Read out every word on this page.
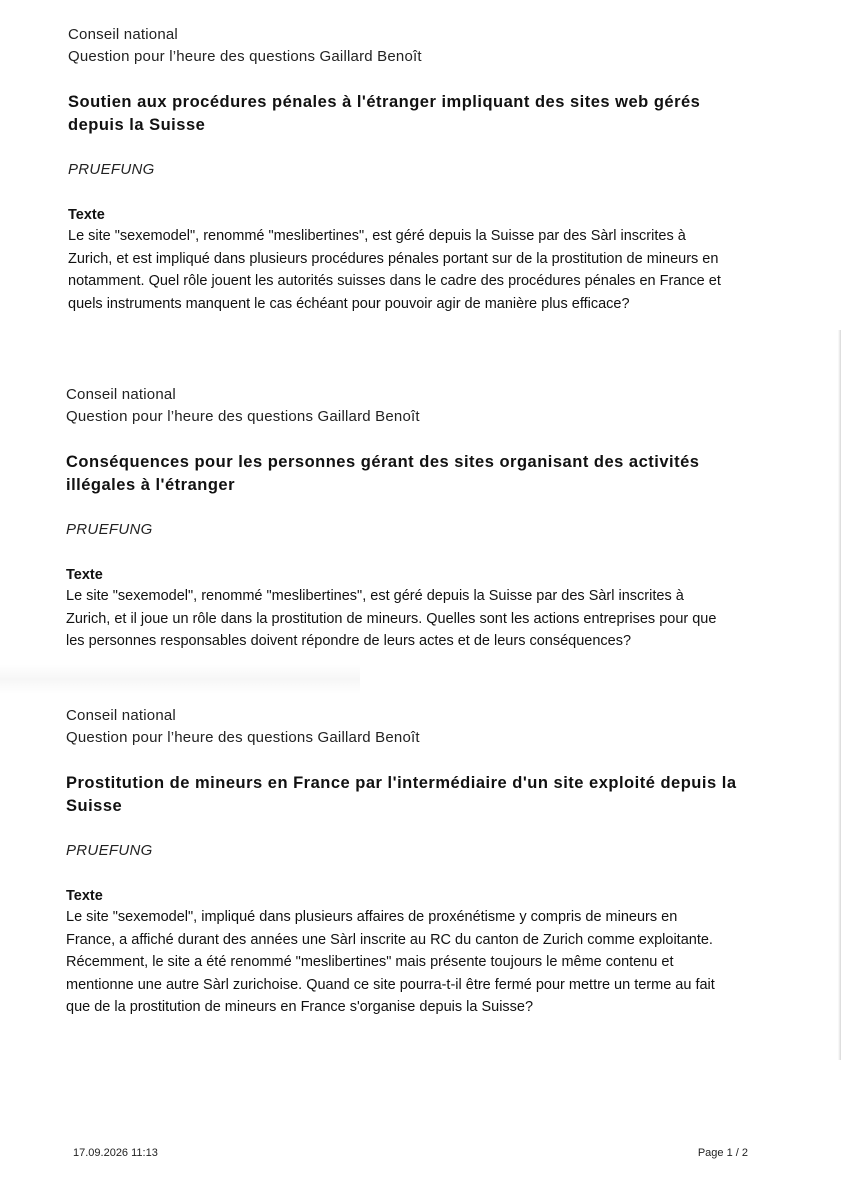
Conseil national
Question pour l’heure des questions Gaillard Benoît
Soutien aux procédures pénales à l'étranger impliquant des sites web gérés
depuis la Suisse
PRUEFUNG
Texte
Le site "sexemodel", renommé "meslibertines", est géré depuis la Suisse par des Sàrl inscrites à
Zurich, et est impliqué dans plusieurs procédures pénales portant sur de la prostitution de mineurs en
notamment. Quel rôle jouent les autorités suisses dans le cadre des procédures pénales en France et
quels instruments manquent le cas échéant pour pouvoir agir de manière plus efficace?
Conseil national
Question pour l’heure des questions Gaillard Benoît
Conséquences pour les personnes gérant des sites organisant des activités
illégales à l'étranger
PRUEFUNG
Texte
Le site "sexemodel", renommé "meslibertines", est géré depuis la Suisse par des Sàrl inscrites à
Zurich, et il joue un rôle dans la prostitution de mineurs. Quelles sont les actions entreprises pour que
les personnes responsables doivent répondre de leurs actes et de leurs conséquences?
Conseil national
Question pour l’heure des questions Gaillard Benoît
Prostitution de mineurs en France par l'intermédiaire d'un site exploité depuis la
Suisse
PRUEFUNG
Texte
Le site "sexemodel", impliqué dans plusieurs affaires de proxénétisme y compris de mineurs en
France, a affiché durant des années une Sàrl inscrite au RC du canton de Zurich comme exploitante.
Récemment, le site a été renommé "meslibertines" mais présente toujours le même contenu et
mentionne une autre Sàrl zurichoise. Quand ce site pourra-t-il être fermé pour mettre un terme au fait
que de la prostitution de mineurs en France s'organise depuis la Suisse?
17.09.2026 11:13	Page 1 / 2
